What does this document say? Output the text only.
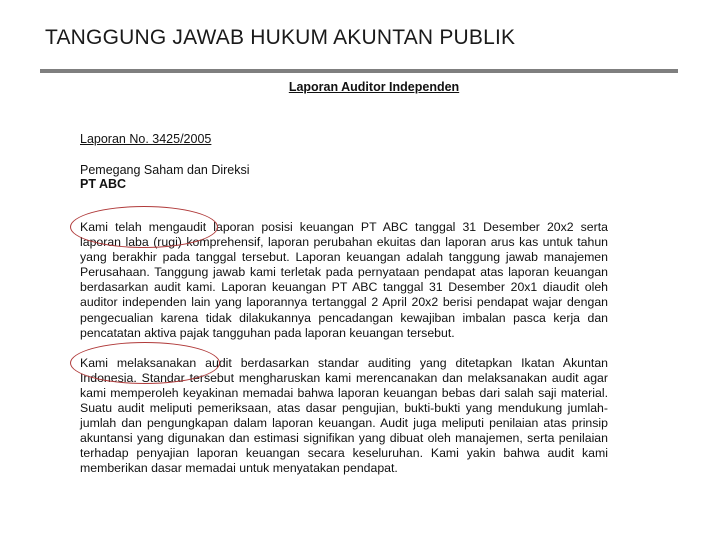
TANGGUNG JAWAB HUKUM AKUNTAN PUBLIK
Laporan Auditor Independen
Laporan No. 3425/2005
Pemegang Saham dan Direksi
PT ABC
Kami telah mengaudit laporan posisi keuangan PT ABC tanggal 31 Desember 20x2 serta laporan laba (rugi) komprehensif, laporan perubahan ekuitas dan laporan arus kas untuk tahun yang berakhir pada tanggal tersebut. Laporan keuangan adalah tanggung jawab manajemen Perusahaan. Tanggung jawab kami terletak pada pernyataan pendapat atas laporan keuangan berdasarkan audit kami. Laporan keuangan PT ABC tanggal 31 Desember 20x1 diaudit oleh auditor independen lain yang laporannya tertanggal 2 April 20x2 berisi pendapat wajar dengan pengecualian karena tidak dilakukannya pencadangan kewajiban imbalan pasca kerja dan pencatatan aktiva pajak tangguhan pada laporan keuangan tersebut.
Kami melaksanakan audit berdasarkan standar auditing yang ditetapkan Ikatan Akuntan Indonesia. Standar tersebut mengharuskan kami merencanakan dan melaksanakan audit agar kami memperoleh keyakinan memadai bahwa laporan keuangan bebas dari salah saji material. Suatu audit meliputi pemeriksaan, atas dasar pengujian, bukti-bukti yang mendukung jumlah-jumlah dan pengungkapan dalam laporan keuangan. Audit juga meliputi penilaian atas prinsip akuntansi yang digunakan dan estimasi signifikan yang dibuat oleh manajemen, serta penilaian terhadap penyajian laporan keuangan secara keseluruhan. Kami yakin bahwa audit kami memberikan dasar memadai untuk menyatakan pendapat.
